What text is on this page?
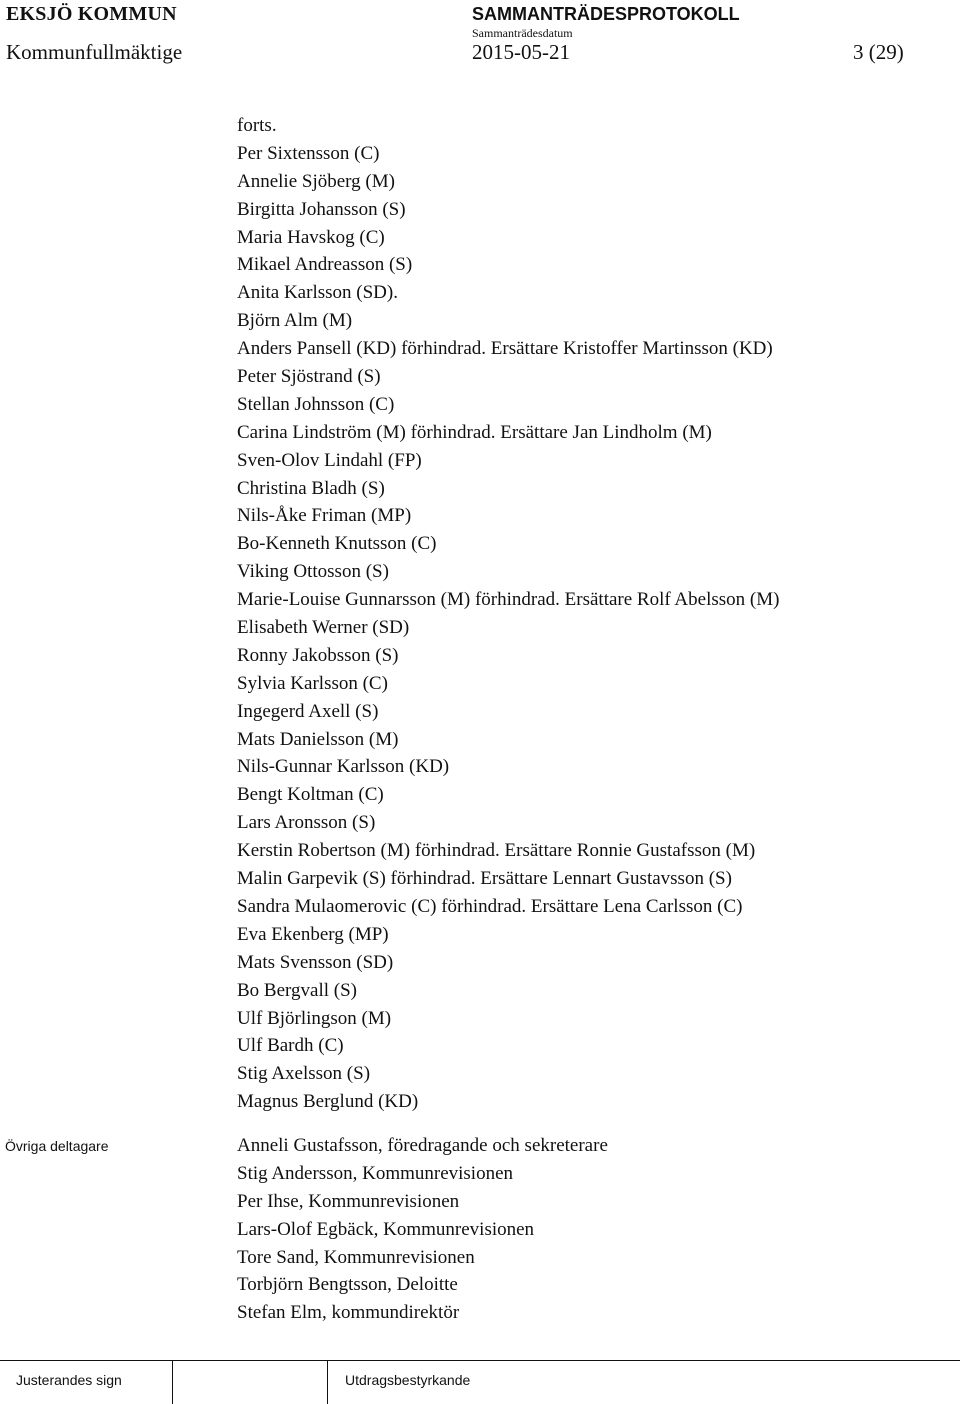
EKSJÖ KOMMUN	SAMMANTRÄDESPROTOKOLL
Sammanträdesdatum
Kommunfullmäktige	2015-05-21	3 (29)
forts.
Per Sixtensson (C)
Annelie Sjöberg (M)
Birgitta Johansson (S)
Maria Havskog (C)
Mikael Andreasson (S)
Anita Karlsson (SD).
Björn Alm (M)
Anders Pansell (KD) förhindrad. Ersättare Kristoffer Martinsson (KD)
Peter Sjöstrand (S)
Stellan Johnsson (C)
Carina Lindström (M) förhindrad. Ersättare Jan Lindholm (M)
Sven-Olov Lindahl (FP)
Christina Bladh (S)
Nils-Åke Friman (MP)
Bo-Kenneth Knutsson (C)
Viking Ottosson (S)
Marie-Louise Gunnarsson (M) förhindrad. Ersättare Rolf Abelsson (M)
Elisabeth Werner (SD)
Ronny Jakobsson (S)
Sylvia Karlsson (C)
Ingegerd Axell (S)
Mats Danielsson (M)
Nils-Gunnar Karlsson (KD)
Bengt Koltman (C)
Lars Aronsson (S)
Kerstin Robertson (M) förhindrad. Ersättare Ronnie Gustafsson (M)
Malin Garpevik (S) förhindrad. Ersättare Lennart Gustavsson (S)
Sandra Mulaomerovic (C) förhindrad. Ersättare Lena Carlsson (C)
Eva Ekenberg (MP)
Mats Svensson (SD)
Bo Bergvall (S)
Ulf Björlingson (M)
Ulf Bardh (C)
Stig Axelsson (S)
Magnus Berglund (KD)
Övriga deltagare	Anneli Gustafsson, föredragande och sekreterare
Stig Andersson, Kommunrevisionen
Per Ihse, Kommunrevisionen
Lars-Olof Egbäck, Kommunrevisionen
Tore Sand, Kommunrevisionen
Torbjörn Bengtsson, Deloitte
Stefan Elm, kommundirektör
Justerandes sign	Utdragsbestyrkande
